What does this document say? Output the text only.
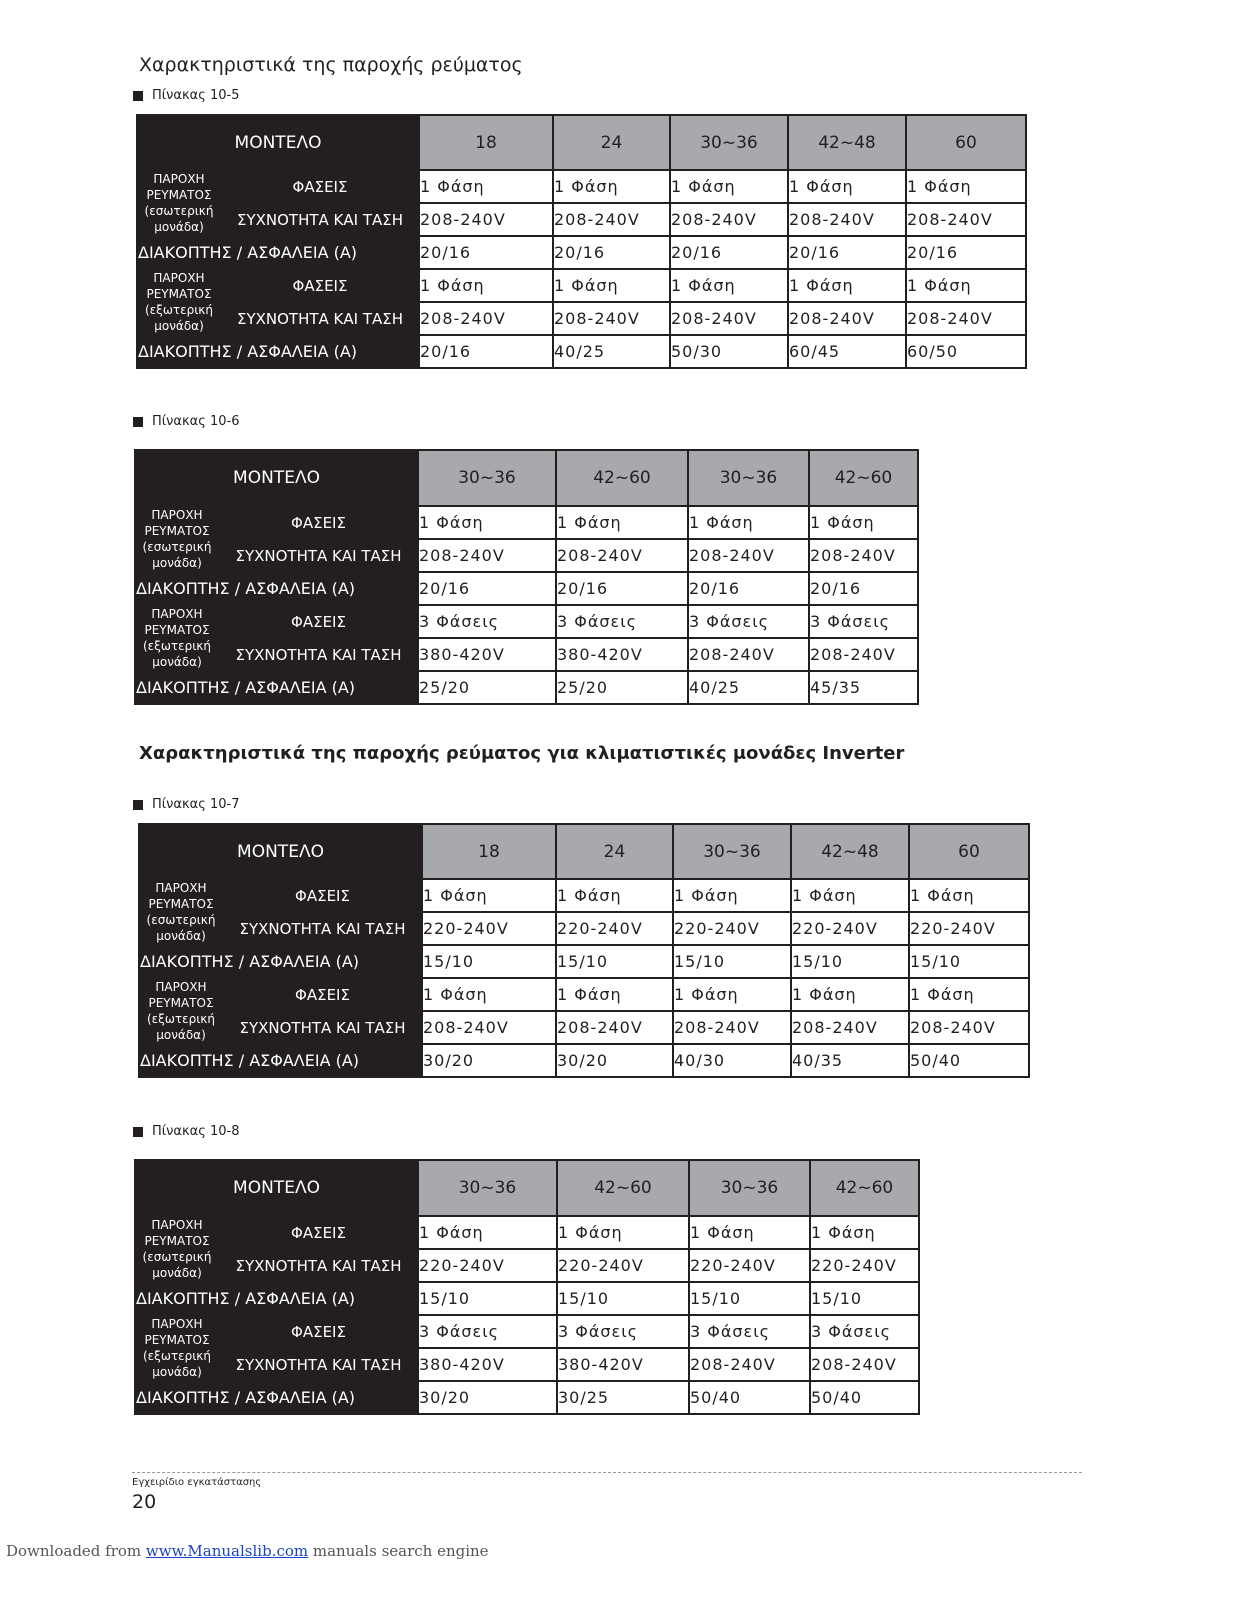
Χαρακτηριστικά της παροχής ρεύματος
Πίνακας 10-5
Πίνακας 10-6
Χαρακτηριστικά της παροχής ρεύματος για κλιματιστικές μονάδες Inverter
Πίνακας 10-7
Πίνακας 10-8
Εγχειρίδιο εγκατάστασης
20
Downloaded from www.Manualslib.com manuals search engine
ΜΟΝΤΕΛΟ		18	24	30~36	42~48	60
ΠΑΡΟΧΗ ΡΕΥΜΑΤΟΣ (εσωτερική μονάδα)	ΦΑΣΕΙΣ	1 Φάση	1 Φάση	1 Φάση	1 Φάση	1 Φάση
	ΣΥΧΝΟΤΗΤΑ ΚΑΙ ΤΑΣΗ	208-240V	208-240V	208-240V	208-240V	208-240V
ΔΙΑΚΟΠΤΗΣ / ΑΣΦΑΛΕΙΑ (Α)		20/16	20/16	20/16	20/16	20/16
ΠΑΡΟΧΗ ΡΕΥΜΑΤΟΣ (εξωτερική μονάδα)	ΦΑΣΕΙΣ	1 Φάση	1 Φάση	1 Φάση	1 Φάση	1 Φάση
	ΣΥΧΝΟΤΗΤΑ ΚΑΙ ΤΑΣΗ	208-240V	208-240V	208-240V	208-240V	208-240V
ΔΙΑΚΟΠΤΗΣ / ΑΣΦΑΛΕΙΑ (Α)		20/16	40/25	50/30	60/45	60/50
ΜΟΝΤΕΛΟ		30~36	42~60	30~36	42~60
ΠΑΡΟΧΗ ΡΕΥΜΑΤΟΣ (εσωτερική μονάδα)	ΦΑΣΕΙΣ	1 Φάση	1 Φάση	1 Φάση	1 Φάση
	ΣΥΧΝΟΤΗΤΑ ΚΑΙ ΤΑΣΗ	208-240V	208-240V	208-240V	208-240V
ΔΙΑΚΟΠΤΗΣ / ΑΣΦΑΛΕΙΑ (Α)		20/16	20/16	20/16	20/16
ΠΑΡΟΧΗ ΡΕΥΜΑΤΟΣ (εξωτερική μονάδα)	ΦΑΣΕΙΣ	3 Φάσεις	3 Φάσεις	3 Φάσεις	3 Φάσεις
	ΣΥΧΝΟΤΗΤΑ ΚΑΙ ΤΑΣΗ	380-420V	380-420V	208-240V	208-240V
ΔΙΑΚΟΠΤΗΣ / ΑΣΦΑΛΕΙΑ (Α)		25/20	25/20	40/25	45/35
ΜΟΝΤΕΛΟ		18	24	30~36	42~48	60
ΠΑΡΟΧΗ ΡΕΥΜΑΤΟΣ (εσωτερική μονάδα)	ΦΑΣΕΙΣ	1 Φάση	1 Φάση	1 Φάση	1 Φάση	1 Φάση
	ΣΥΧΝΟΤΗΤΑ ΚΑΙ ΤΑΣΗ	220-240V	220-240V	220-240V	220-240V	220-240V
ΔΙΑΚΟΠΤΗΣ / ΑΣΦΑΛΕΙΑ (Α)		15/10	15/10	15/10	15/10	15/10
ΠΑΡΟΧΗ ΡΕΥΜΑΤΟΣ (εξωτερική μονάδα)	ΦΑΣΕΙΣ	1 Φάση	1 Φάση	1 Φάση	1 Φάση	1 Φάση
	ΣΥΧΝΟΤΗΤΑ ΚΑΙ ΤΑΣΗ	208-240V	208-240V	208-240V	208-240V	208-240V
ΔΙΑΚΟΠΤΗΣ / ΑΣΦΑΛΕΙΑ (Α)		30/20	30/20	40/30	40/35	50/40
ΜΟΝΤΕΛΟ		30~36	42~60	30~36	42~60
ΠΑΡΟΧΗ ΡΕΥΜΑΤΟΣ (εσωτερική μονάδα)	ΦΑΣΕΙΣ	1 Φάση	1 Φάση	1 Φάση	1 Φάση
	ΣΥΧΝΟΤΗΤΑ ΚΑΙ ΤΑΣΗ	220-240V	220-240V	220-240V	220-240V
ΔΙΑΚΟΠΤΗΣ / ΑΣΦΑΛΕΙΑ (Α)		15/10	15/10	15/10	15/10
ΠΑΡΟΧΗ ΡΕΥΜΑΤΟΣ (εξωτερική μονάδα)	ΦΑΣΕΙΣ	3 Φάσεις	3 Φάσεις	3 Φάσεις	3 Φάσεις
	ΣΥΧΝΟΤΗΤΑ ΚΑΙ ΤΑΣΗ	380-420V	380-420V	208-240V	208-240V
ΔΙΑΚΟΠΤΗΣ / ΑΣΦΑΛΕΙΑ (Α)		30/20	30/25	50/40	50/40
